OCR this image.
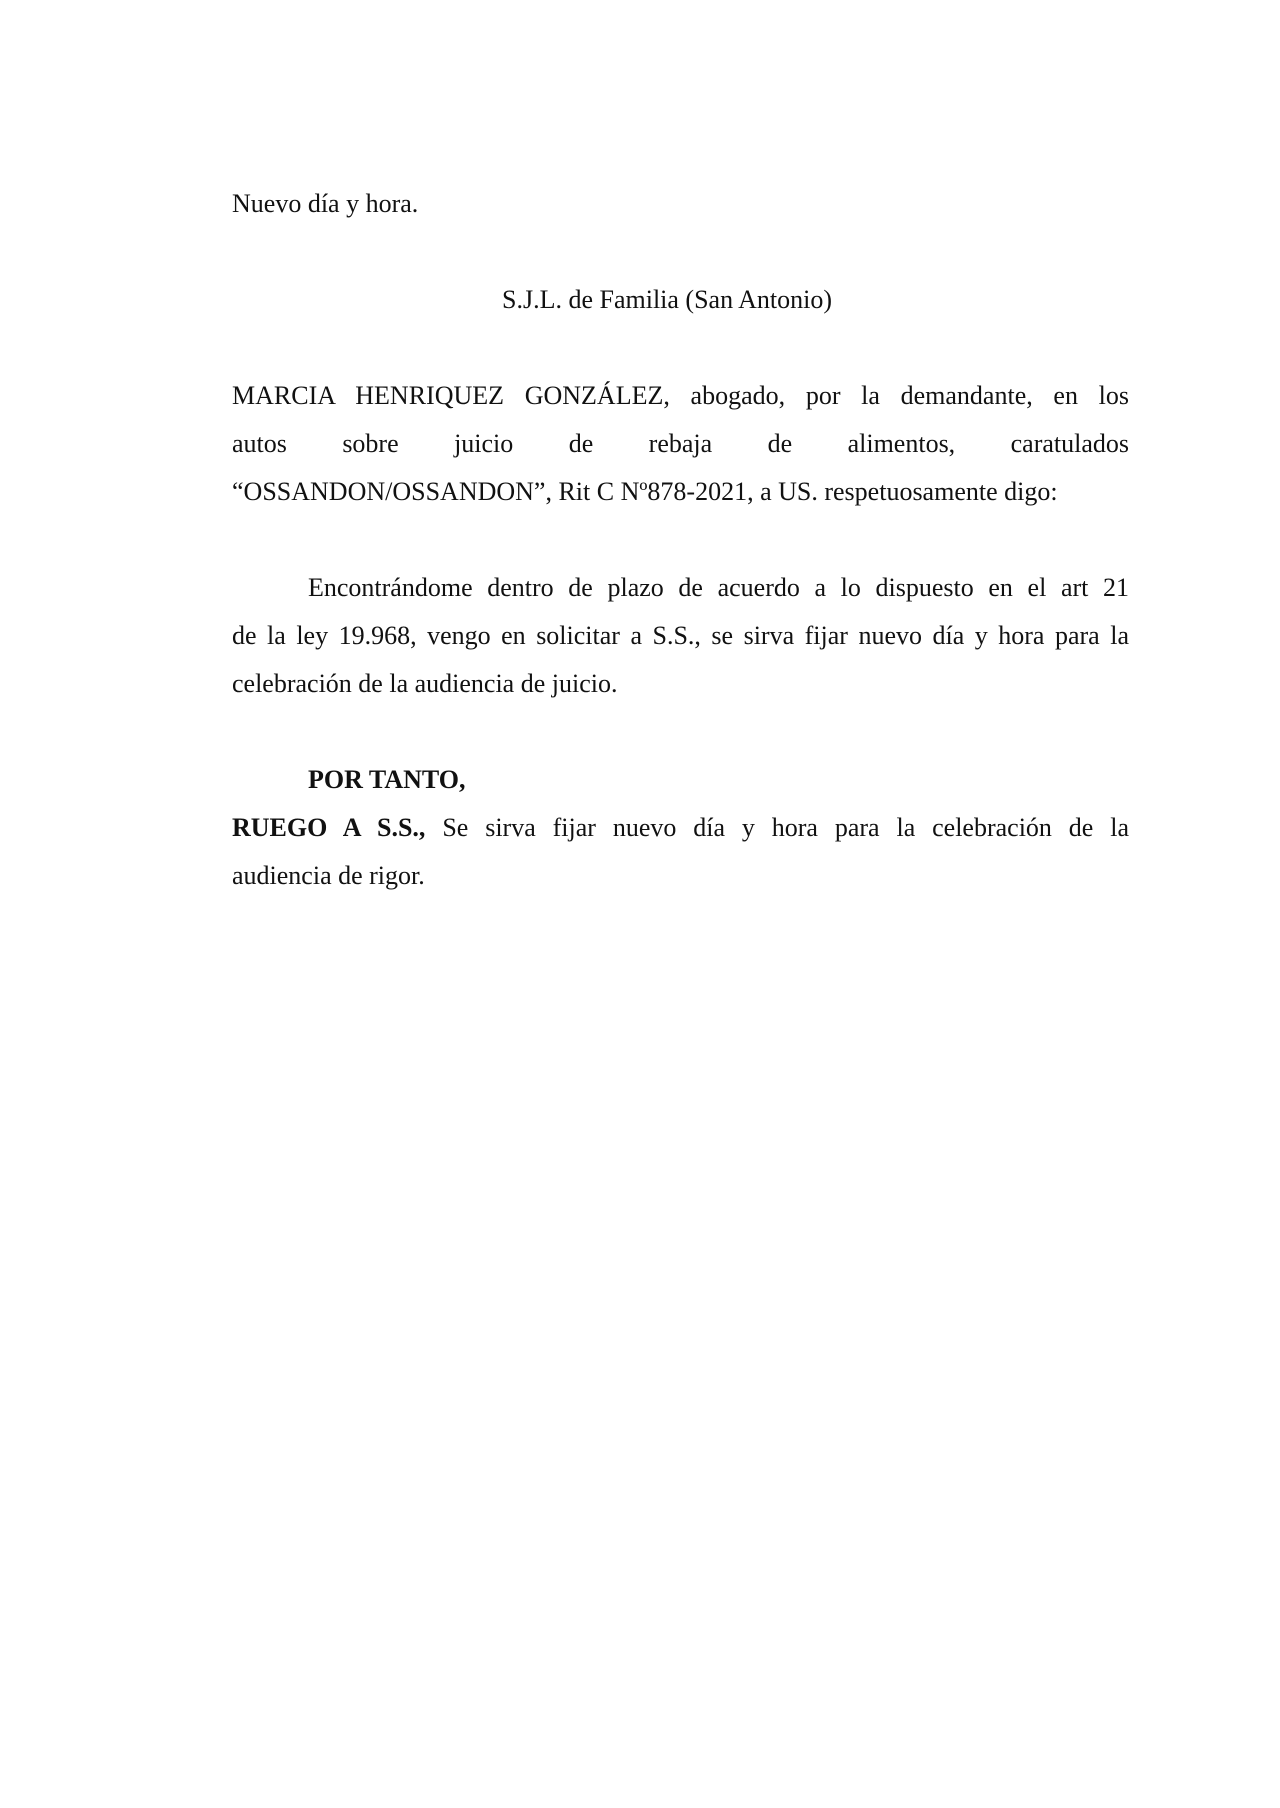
Nuevo día y hora.

S.J.L. de Familia (San Antonio)

MARCIA HENRIQUEZ GONZÁLEZ, abogado, por la demandante, en los
autos sobre juicio de rebaja de alimentos, caratulados
“OSSANDON/OSSANDON”, Rit C Nº878-2021, a US. respetuosamente digo:
Encontrándome dentro de plazo de acuerdo a lo dispuesto en el art 21
de la ley 19.968, vengo en solicitar a S.S., se sirva fijar nuevo día y hora para la
celebración de la audiencia de juicio.

POR TANTO,

RUEGO A S.S., Se sirva fijar nuevo día y hora para la celebración de la
audiencia de rigor.
